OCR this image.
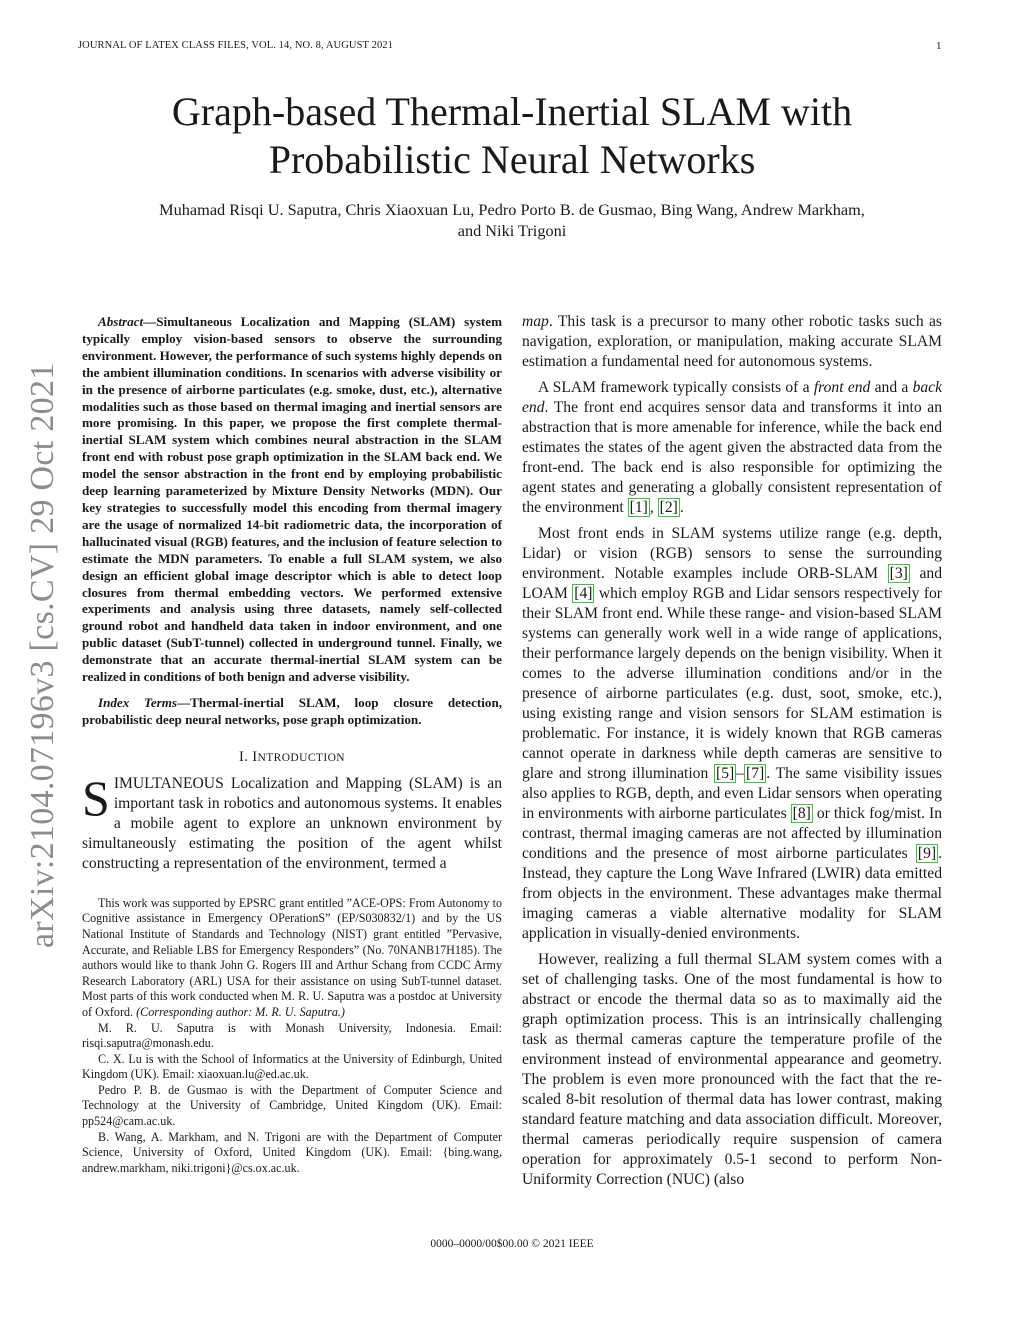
JOURNAL OF LATEX CLASS FILES, VOL. 14, NO. 8, AUGUST 2021	1
arXiv:2104.07196v3 [cs.CV] 29 Oct 2021
Graph-based Thermal-Inertial SLAM with
Probabilistic Neural Networks
Muhamad Risqi U. Saputra, Chris Xiaoxuan Lu, Pedro Porto B. de Gusmao, Bing Wang, Andrew Markham,
and Niki Trigoni

Abstract—Simultaneous Localization and Mapping (SLAM) system typically employ vision-based sensors to observe the surrounding environment. However, the performance of such systems highly depends on the ambient illumination conditions. In scenarios with adverse visibility or in the presence of airborne particulates (e.g. smoke, dust, etc.), alternative modalities such as those based on thermal imaging and inertial sensors are more promising. In this paper, we propose the first complete thermal-inertial SLAM system which combines neural abstraction in the SLAM front end with robust pose graph optimization in the SLAM back end. We model the sensor abstraction in the front end by employing probabilistic deep learning parameterized by Mixture Density Networks (MDN). Our key strategies to successfully model this encoding from thermal imagery are the usage of normalized 14-bit radiometric data, the incorporation of hallucinated visual (RGB) features, and the inclusion of feature selection to estimate the MDN parameters. To enable a full SLAM system, we also design an efficient global image descriptor which is able to detect loop closures from thermal embedding vectors. We performed extensive experiments and analysis using three datasets, namely self-collected ground robot and handheld data taken in indoor environment, and one public dataset (SubT-tunnel) collected in underground tunnel. Finally, we demonstrate that an accurate thermal-inertial SLAM system can be realized in conditions of both benign and adverse visibility.

Index Terms—Thermal-inertial SLAM, loop closure detection, probabilistic deep neural networks, pose graph optimization.

I. INTRODUCTION

SIMULTANEOUS Localization and Mapping (SLAM) is an important task in robotics and autonomous systems. It enables a mobile agent to explore an unknown environment by simultaneously estimating the position of the agent whilst constructing a representation of the environment, termed a

This work was supported by EPSRC grant entitled ”ACE-OPS: From Autonomy to Cognitive assistance in Emergency OPerationS” (EP/S030832/1) and by the US National Institute of Standards and Technology (NIST) grant entitled ”Pervasive, Accurate, and Reliable LBS for Emergency Responders” (No. 70NANB17H185). The authors would like to thank John G. Rogers III and Arthur Schang from CCDC Army Research Laboratory (ARL) USA for their assistance on using SubT-tunnel dataset. Most parts of this work conducted when M. R. U. Saputra was a postdoc at University of Oxford. (Corresponding author: M. R. U. Saputra.)

M. R. U. Saputra is with Monash University, Indonesia. Email: risqi.saputra@monash.edu.

C. X. Lu is with the School of Informatics at the University of Edinburgh, United Kingdom (UK). Email: xiaoxuan.lu@ed.ac.uk.

Pedro P. B. de Gusmao is with the Department of Computer Science and Technology at the University of Cambridge, United Kingdom (UK). Email: pp524@cam.ac.uk.

B. Wang, A. Markham, and N. Trigoni are with the Department of Computer Science, University of Oxford, United Kingdom (UK). Email: {bing.wang, andrew.markham, niki.trigoni}@cs.ox.ac.uk.

map. This task is a precursor to many other robotic tasks such as navigation, exploration, or manipulation, making accurate SLAM estimation a fundamental need for autonomous systems.

A SLAM framework typically consists of a front end and a back end. The front end acquires sensor data and transforms it into an abstraction that is more amenable for inference, while the back end estimates the states of the agent given the abstracted data from the front-end. The back end is also responsible for optimizing the agent states and generating a globally consistent representation of the environment [1] , [2] .

Most front ends in SLAM systems utilize range (e.g. depth, Lidar) or vision (RGB) sensors to sense the surrounding environment. Notable examples include ORB-SLAM [3] and LOAM [4] which employ RGB and Lidar sensors respectively for their SLAM front end. While these range- and vision-based SLAM systems can generally work well in a wide range of applications, their performance largely depends on the benign visibility. When it comes to the adverse illumination conditions and/or in the presence of airborne particulates (e.g. dust, soot, smoke, etc.), using existing range and vision sensors for SLAM estimation is problematic. For instance, it is widely known that RGB cameras cannot operate in darkness while depth cameras are sensitive to glare and strong illumination [5] – [7] . The same visibility issues also applies to RGB, depth, and even Lidar sensors when operating in environments with airborne particulates [8] or thick fog/mist. In contrast, thermal imaging cameras are not affected by illumination conditions and the presence of most airborne particulates [9] . Instead, they capture the Long Wave Infrared (LWIR) data emitted from objects in the environment. These advantages make thermal imaging cameras a viable alternative modality for SLAM application in visually-denied environments.

However, realizing a full thermal SLAM system comes with a set of challenging tasks. One of the most fundamental is how to abstract or encode the thermal data so as to maximally aid the graph optimization process. This is an intrinsically challenging task as thermal cameras capture the temperature profile of the environment instead of environmental appearance and geometry. The problem is even more pronounced with the fact that the re-scaled 8-bit resolution of thermal data has lower contrast, making standard feature matching and data association difficult. Moreover, thermal cameras periodically require suspension of camera operation for approximately 0.5-1 second to perform Non-Uniformity Correction (NUC) (also

0000–0000/00$00.00 © 2021 IEEE
